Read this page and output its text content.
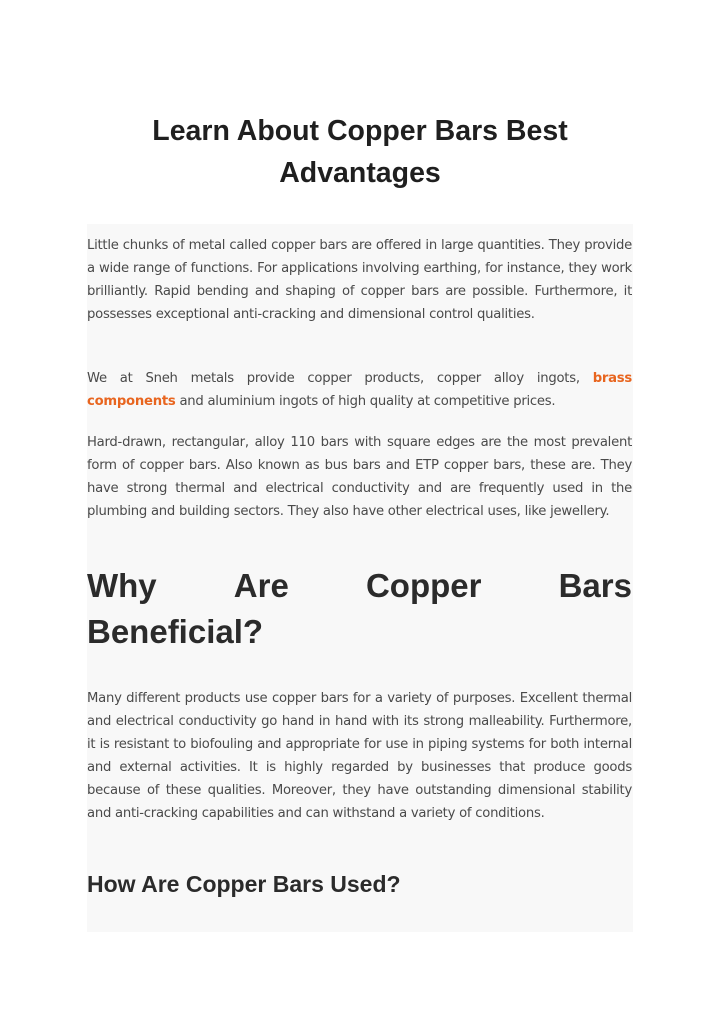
Learn About Copper Bars Best
Advantages

Little chunks of metal called copper bars are offered in large quantities. They provide a wide range of functions. For applications involving earthing, for instance, they work brilliantly. Rapid bending and shaping of copper bars are possible. Furthermore, it possesses exceptional anti-cracking and dimensional control qualities.

We at Sneh metals provide copper products, copper alloy ingots, brass components and aluminium ingots of high quality at competitive prices.

Hard-drawn, rectangular, alloy 110 bars with square edges are the most prevalent form of copper bars. Also known as bus bars and ETP copper bars, these are. They have strong thermal and electrical conductivity and are frequently used in the plumbing and building sectors. They also have other electrical uses, like jewellery.

Why Are Copper Bars
Beneficial?

Many different products use copper bars for a variety of purposes. Excellent thermal and electrical conductivity go hand in hand with its strong malleability. Furthermore, it is resistant to biofouling and appropriate for use in piping systems for both internal and external activities. It is highly regarded by businesses that produce goods because of these qualities. Moreover, they have outstanding dimensional stability and anti-cracking capabilities and can withstand a variety of conditions.

How Are Copper Bars Used?
